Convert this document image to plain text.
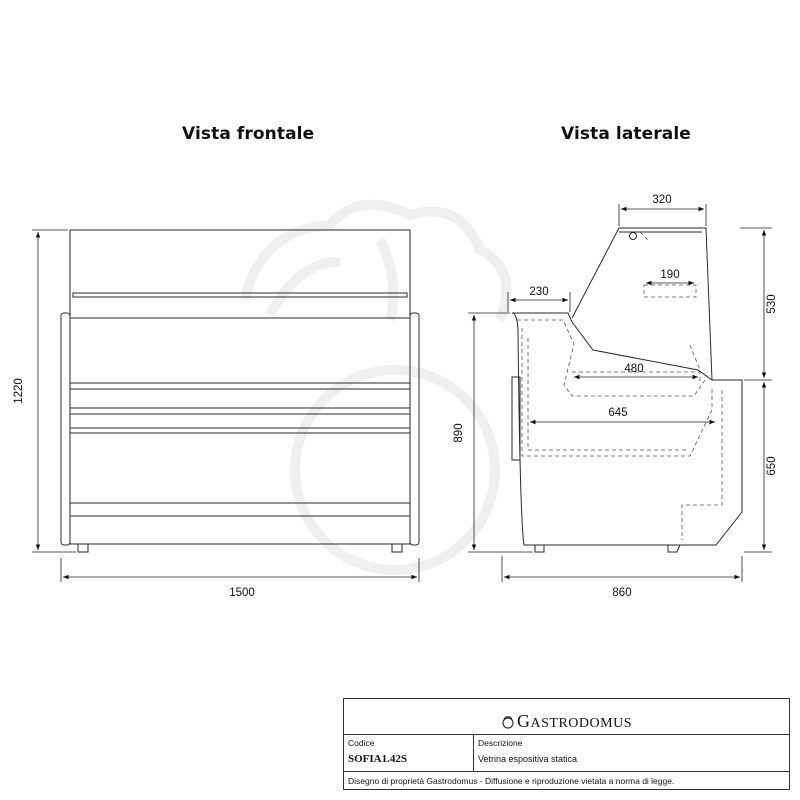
Vista frontale	Vista laterale
1220
1500
320
190
230
480
645
860
890
530
650
GASTRODOMUS
Codice
SOFIA1.42S
Descrizione
Vetrina espositiva statica
Disegno di proprietà Gastrodomus - Diffusione e riproduzione vietata a norma di legge.
